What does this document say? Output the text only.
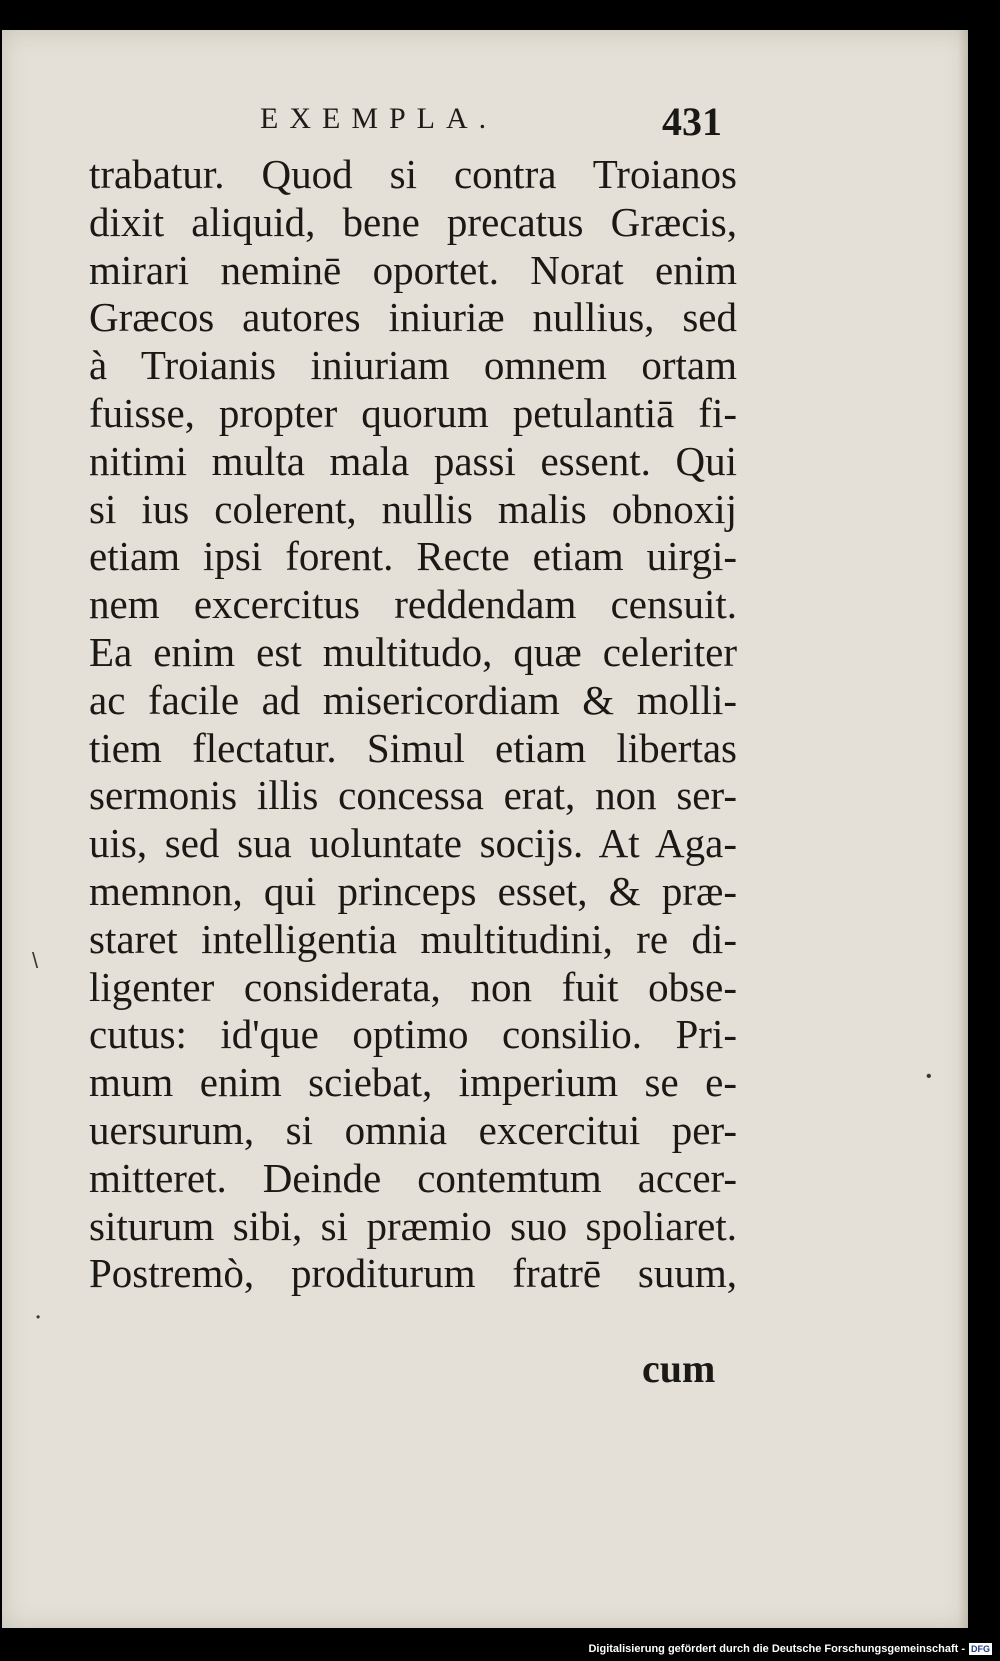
EXEMPLA.	431
trabatur. Quod si contra Troianos
dixit aliquid, bene precatus Græcis,
mirari neminē oportet. Norat enim
Græcos autores iniuriæ nullius, sed
à Troianis iniuriam omnem ortam
fuisse, propter quorum petulantiā fi-
nitimi multa mala passi essent. Qui
si ius colerent, nullis malis obnoxij
etiam ipsi forent. Recte etiam uirgi-
nem excercitus reddendam censuit.
Ea enim est multitudo, quæ celeriter
ac facile ad misericordiam & molli-
tiem flectatur. Simul etiam libertas
sermonis illis concessa erat, non ser-
uis, sed sua uoluntate socijs. At Aga-
memnon, qui princeps esset, & præ-
staret intelligentia multitudini, re di-
ligenter considerata, non fuit obse-
cutus: id'que optimo consilio. Pri-
mum enim sciebat, imperium se e-
uersurum, si omnia excercitui per-
mitteret. Deinde contemtum accer-
siturum sibi, si præmio suo spoliaret.
Postremò, proditurum fratrē suum,
cum
\
•
•
Digitalisierung gefördert durch die Deutsche Forschungsgemeinschaft - DFG
